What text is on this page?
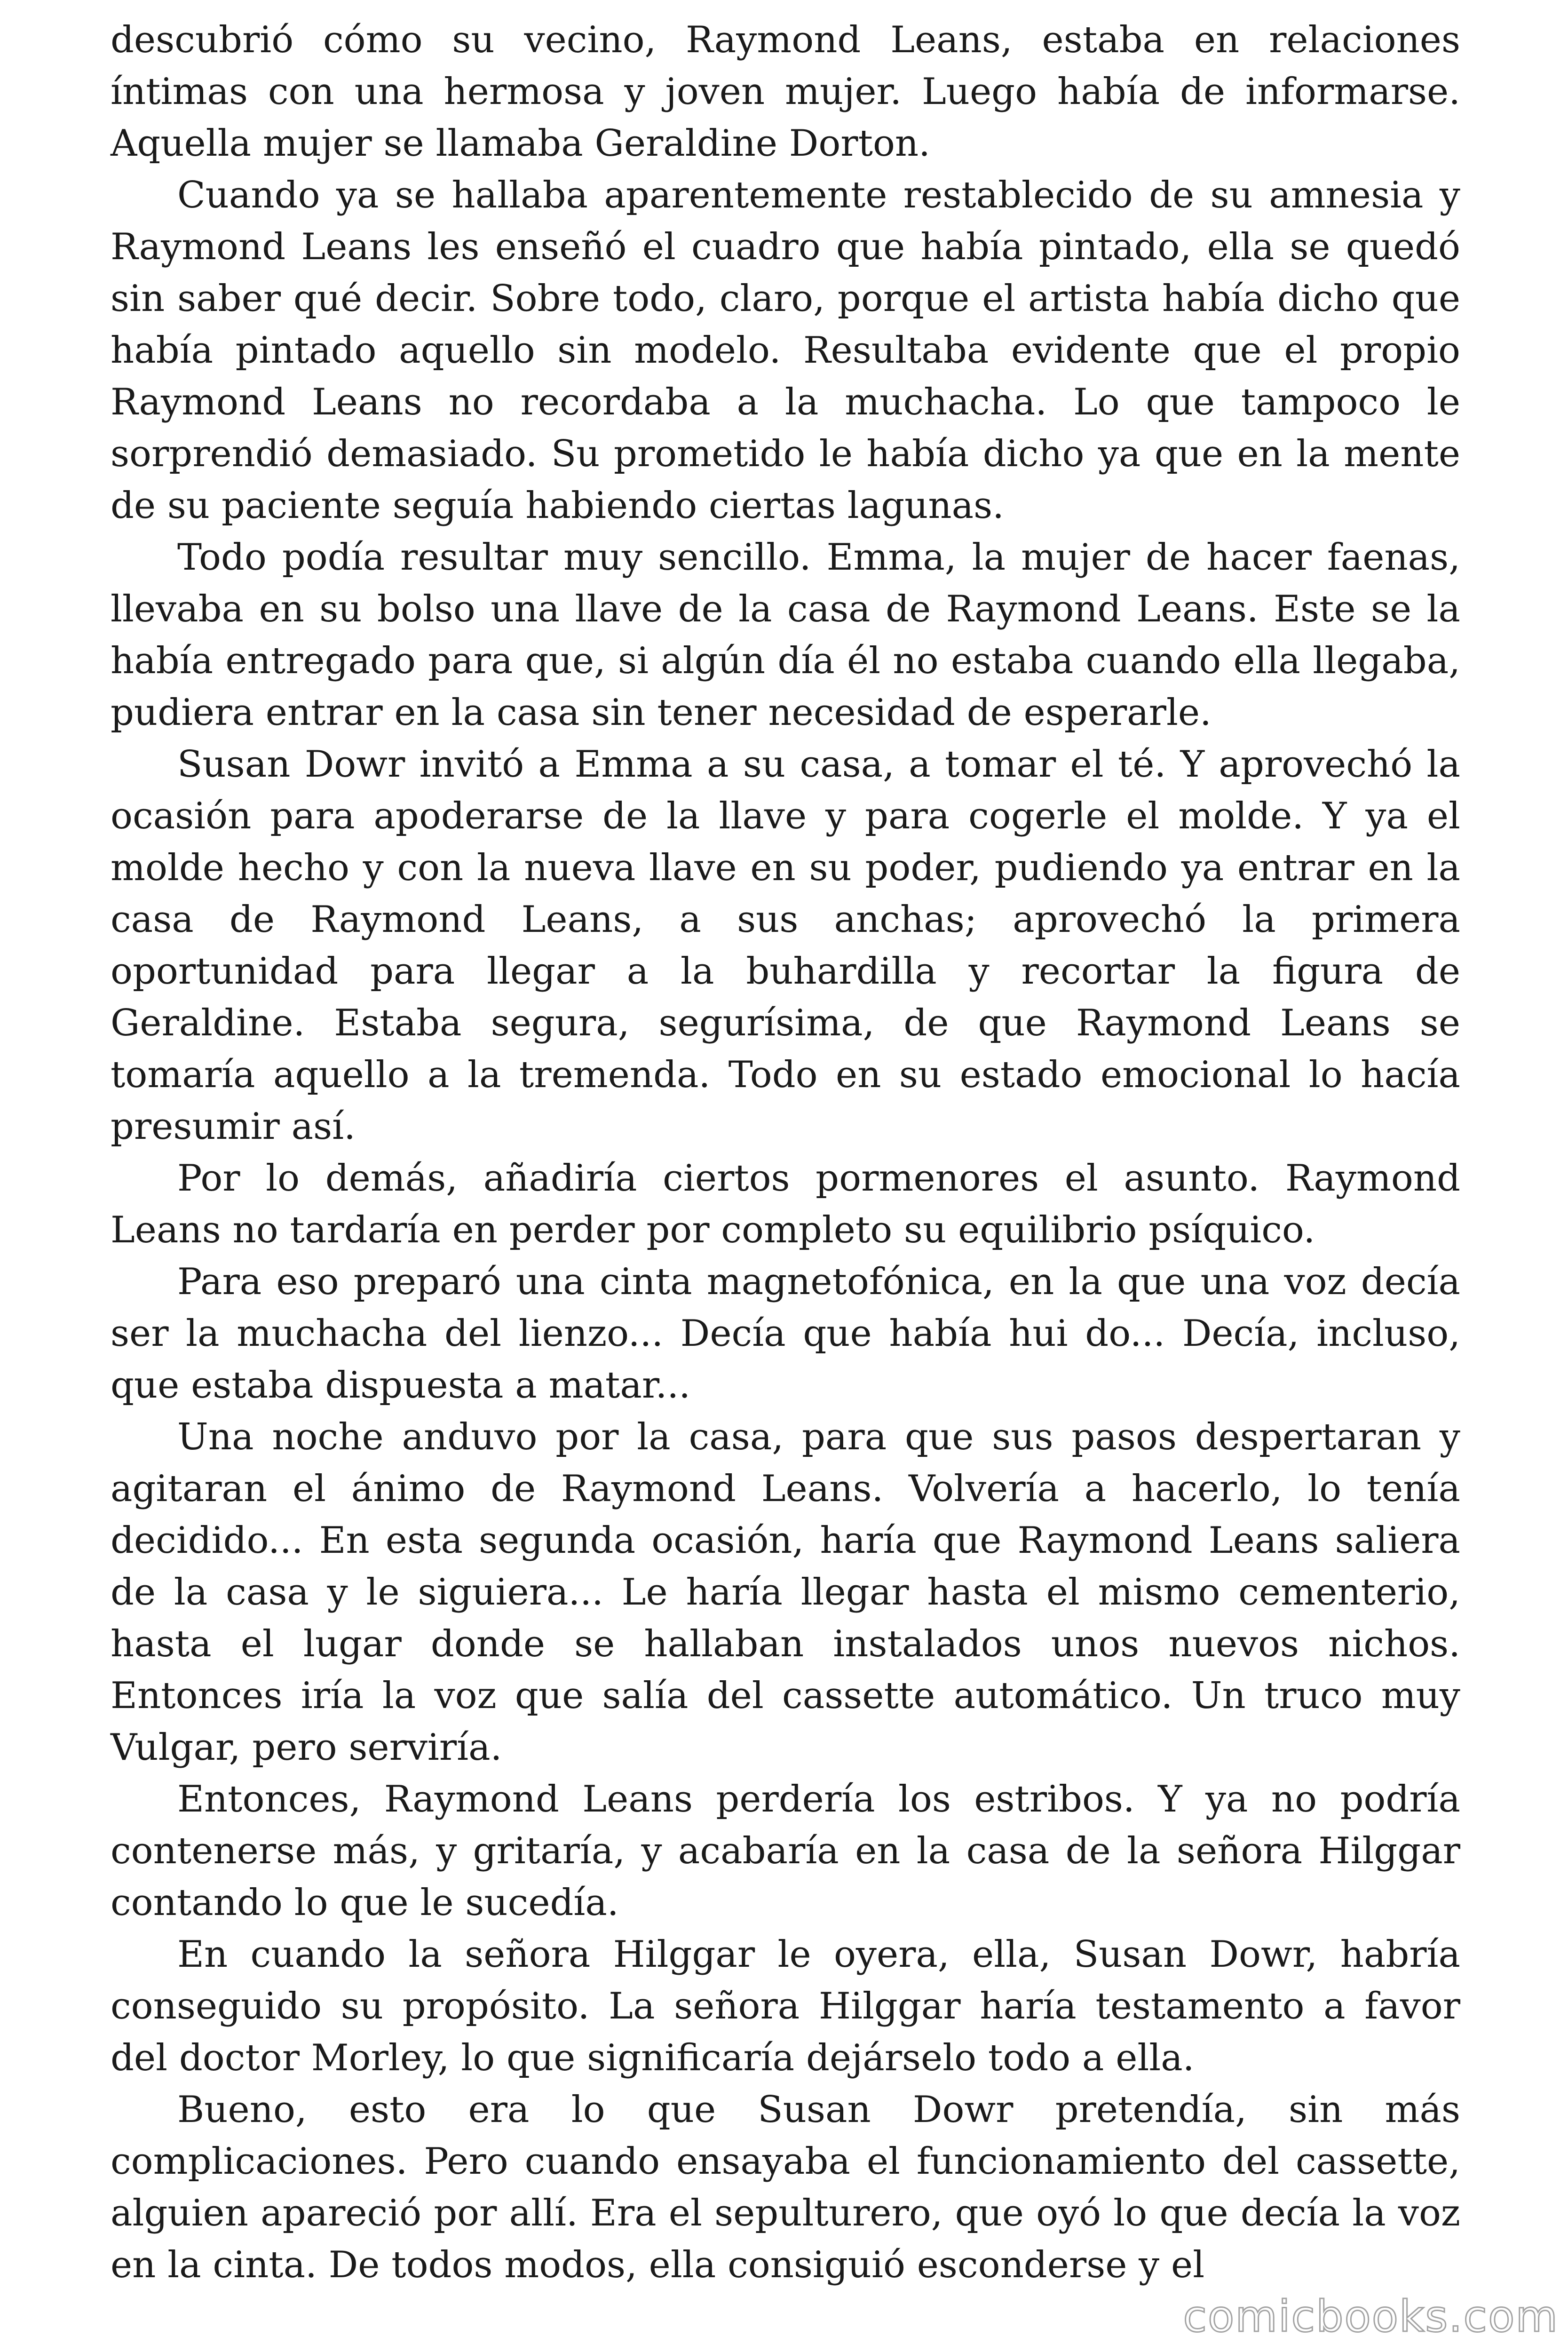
descubrió cómo su vecino, Raymond Leans, estaba en relaciones íntimas con una hermosa y joven mujer. Luego había de informarse. Aquella mujer se llamaba Geraldine Dorton.

Cuando ya se hallaba aparentemente restablecido de su amnesia y Raymond Leans les enseñó el cuadro que había pintado, ella se quedó sin saber qué decir. Sobre todo, claro, porque el artista había dicho que había pintado aquello sin modelo. Resultaba evidente que el propio Raymond Leans no recordaba a la muchacha. Lo que tampoco le sorprendió demasiado. Su prometido le había dicho ya que en la mente de su paciente seguía habiendo ciertas lagunas.

Todo podía resultar muy sencillo. Emma, la mujer de hacer faenas, llevaba en su bolso una llave de la casa de Raymond Leans. Este se la había entregado para que, si algún día él no estaba cuando ella llegaba, pudiera entrar en la casa sin tener necesidad de esperarle.

Susan Dowr invitó a Emma a su casa, a tomar el té. Y aprovechó la ocasión para apoderarse de la llave y para cogerle el molde. Y ya el molde hecho y con la nueva llave en su poder, pudiendo ya entrar en la casa de Raymond Leans, a sus anchas; aprovechó la primera oportunidad para llegar a la buhardilla y recortar la figura de Geraldine. Estaba segura, segurísima, de que Raymond Leans se tomaría aquello a la tremenda. Todo en su estado emocional lo hacía presumir así.

Por lo demás, añadiría ciertos pormenores el asunto. Raymond Leans no tardaría en perder por completo su equilibrio psíquico.

Para eso preparó una cinta magnetofónica, en la que una voz decía ser la muchacha del lienzo... Decía que había hui do... Decía, incluso, que estaba dispuesta a matar...

Una noche anduvo por la casa, para que sus pasos despertaran y agitaran el ánimo de Raymond Leans. Volvería a hacerlo, lo tenía decidido... En esta segunda ocasión, haría que Raymond Leans saliera de la casa y le siguiera... Le haría llegar hasta el mismo cementerio, hasta el lugar donde se hallaban instalados unos nuevos nichos. Entonces iría la voz que salía del cassette automático. Un truco muy Vulgar, pero serviría.

Entonces, Raymond Leans perdería los estribos. Y ya no podría contenerse más, y gritaría, y acabaría en la casa de la señora Hilggar contando lo que le sucedía.

En cuando la señora Hilggar le oyera, ella, Susan Dowr, habría conseguido su propósito. La señora Hilggar haría testamento a favor del doctor Morley, lo que significaría dejárselo todo a ella.

Bueno, esto era lo que Susan Dowr pretendía, sin más complicaciones. Pero cuando ensayaba el funcionamiento del cassette, alguien apareció por allí. Era el sepulturero, que oyó lo que decía la voz en la cinta. De todos modos, ella consiguió esconderse y el

comicbooks.com
